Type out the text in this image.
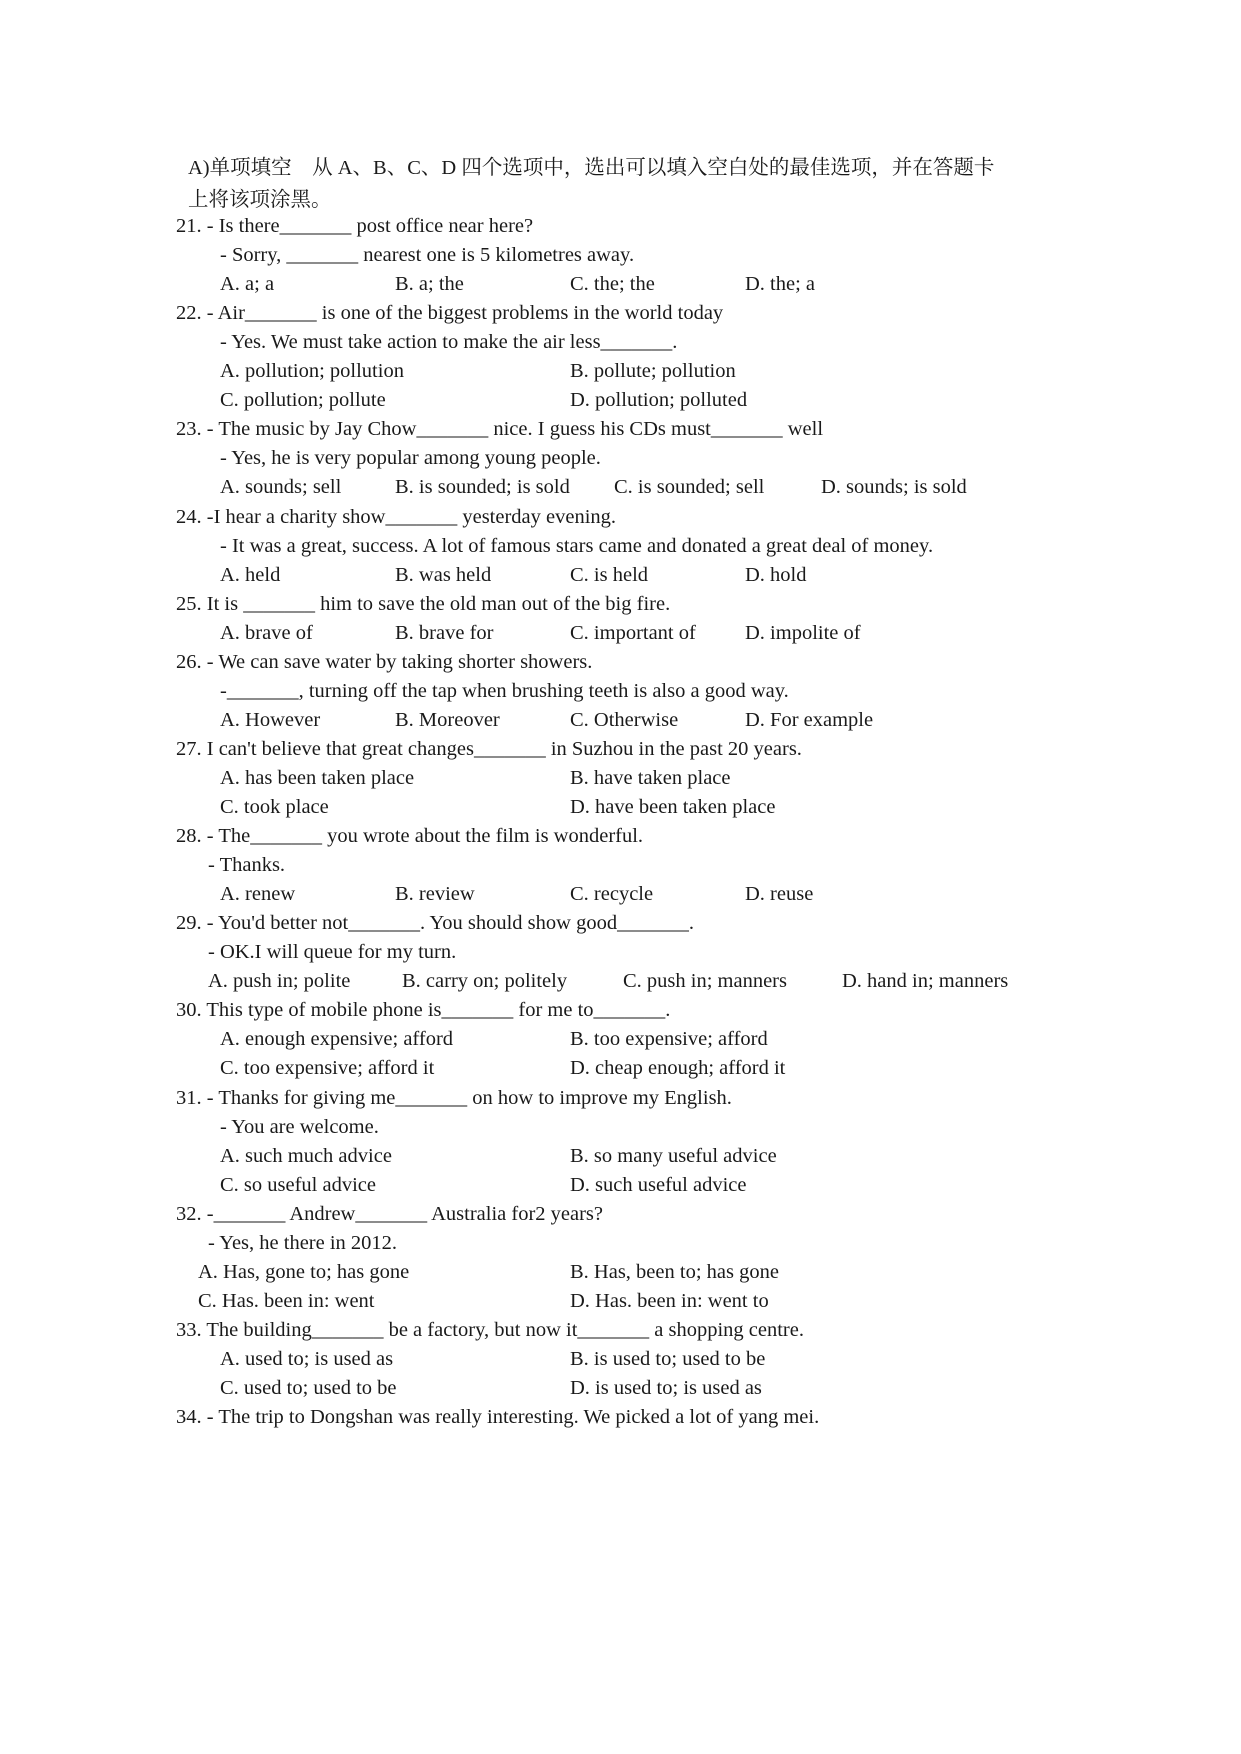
A)单项填空　从 A、B、C、D 四个选项中，选出可以填入空白处的最佳选项，并在答题卡
上将该项涂黑。
21. - Is there_______ post office near here?
- Sorry, _______ nearest one is 5 kilometres away.
A. a; a	B. a; the	C. the; the	D. the; a
22. - Air_______ is one of the biggest problems in the world today
- Yes. We must take action to make the air less_______.
A. pollution; pollution	B. pollute; pollution
C. pollution; pollute	D. pollution; polluted
23. - The music by Jay Chow_______ nice. I guess his CDs must_______ well
- Yes, he is very popular among young people.
A. sounds; sell	B. is sounded; is sold C. is sounded; sell	D. sounds; is sold
24. -I hear a charity show_______ yesterday evening.
- It was a great, success. A lot of famous stars came and donated a great deal of money.
A. held	B. was held	C. is held	D. hold
25. It is _______ him to save the old man out of the big fire.
A. brave of	B. brave for	C. important of D. impolite of
26. - We can save water by taking shorter showers.
-_______, turning off the tap when brushing teeth is also a good way.
A. However	B. Moreover	C. Otherwise	D. For example
27. I can't believe that great changes_______ in Suzhou in the past 20 years.
A. has been taken place	B. have taken place
C. took place	D. have been taken place
28. - The_______ you wrote about the film is wonderful.
- Thanks.
A. renew	B. review	C. recycle	D. reuse
29. - You'd better not_______. You should show good_______.
- OK.I will queue for my turn.
A. push in; polite	B. carry on; politely	C. push in; manners	D. hand in; manners
30. This type of mobile phone is_______ for me to_______.
A. enough expensive; afford	B. too expensive; afford
C. too expensive; afford it	D. cheap enough; afford it
31. - Thanks for giving me_______ on how to improve my English.
- You are welcome.
A. such much advice	B. so many useful advice
C. so useful advice	D. such useful advice
32. -_______ Andrew_______ Australia for2 years?
- Yes, he there in 2012.
A. Has, gone to; has gone	B. Has, been to; has gone
C. Has. been in: went	D. Has. been in: went to
33. The building_______ be a factory, but now it_______ a shopping centre.
A. used to; is used as	B. is used to; used to be
C. used to; used to be	D. is used to; is used as
34. - The trip to Dongshan was really interesting. We picked a lot of yang mei.
